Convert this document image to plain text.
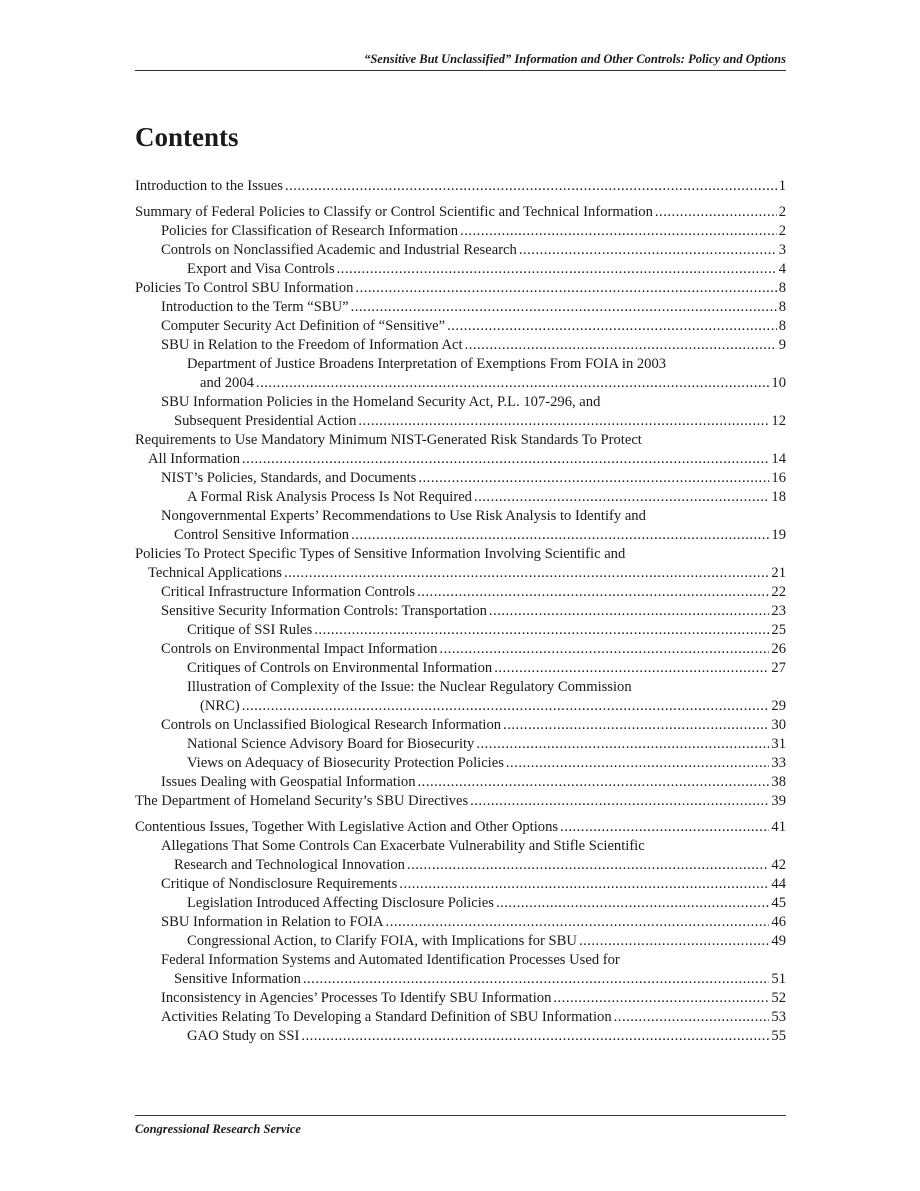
“Sensitive But Unclassified” Information and Other Controls: Policy and Options
Contents
Introduction to the Issues .....	1
Summary of Federal Policies to Classify or Control Scientific and Technical Information .....	2
Policies for Classification of Research Information .....	2
Controls on Nonclassified Academic and Industrial Research .....	3
Export and Visa Controls .....	4
Policies To Control SBU Information .....	8
Introduction to the Term “SBU” .....	8
Computer Security Act Definition of “Sensitive” .....	8
SBU in Relation to the Freedom of Information Act .....	9
Department of Justice Broadens Interpretation of Exemptions From FOIA in 2003
and 2004 .....	10
SBU Information Policies in the Homeland Security Act, P.L. 107-296, and
Subsequent Presidential Action .....	12
Requirements to Use Mandatory Minimum NIST-Generated Risk Standards To Protect
All Information .....	14
NIST’s Policies, Standards, and Documents .....	16
A Formal Risk Analysis Process Is Not Required .....	18
Nongovernmental Experts’ Recommendations to Use Risk Analysis to Identify and
Control Sensitive Information .....	19
Policies To Protect Specific Types of Sensitive Information Involving Scientific and
Technical Applications .....	21
Critical Infrastructure Information Controls .....	22
Sensitive Security Information Controls: Transportation .....	23
Critique of SSI Rules .....	25
Controls on Environmental Impact Information .....	26
Critiques of Controls on Environmental Information .....	27
Illustration of Complexity of the Issue: the Nuclear Regulatory Commission
(NRC) .....	29
Controls on Unclassified Biological Research Information .....	30
National Science Advisory Board for Biosecurity .....	31
Views on Adequacy of Biosecurity Protection Policies .....	33
Issues Dealing with Geospatial Information .....	38
The Department of Homeland Security’s SBU Directives .....	39
Contentious Issues, Together With Legislative Action and Other Options .....	41
Allegations That Some Controls Can Exacerbate Vulnerability and Stifle Scientific
Research and Technological Innovation .....	42
Critique of Nondisclosure Requirements .....	44
Legislation Introduced Affecting Disclosure Policies .....	45
SBU Information in Relation to FOIA .....	46
Congressional Action, to Clarify FOIA, with Implications for SBU .....	49
Federal Information Systems and Automated Identification Processes Used for
Sensitive Information .....	51
Inconsistency in Agencies’ Processes To Identify SBU Information .....	52
Activities Relating To Developing a Standard Definition of SBU Information .....	53
GAO Study on SSI .....	55
Congressional Research Service
